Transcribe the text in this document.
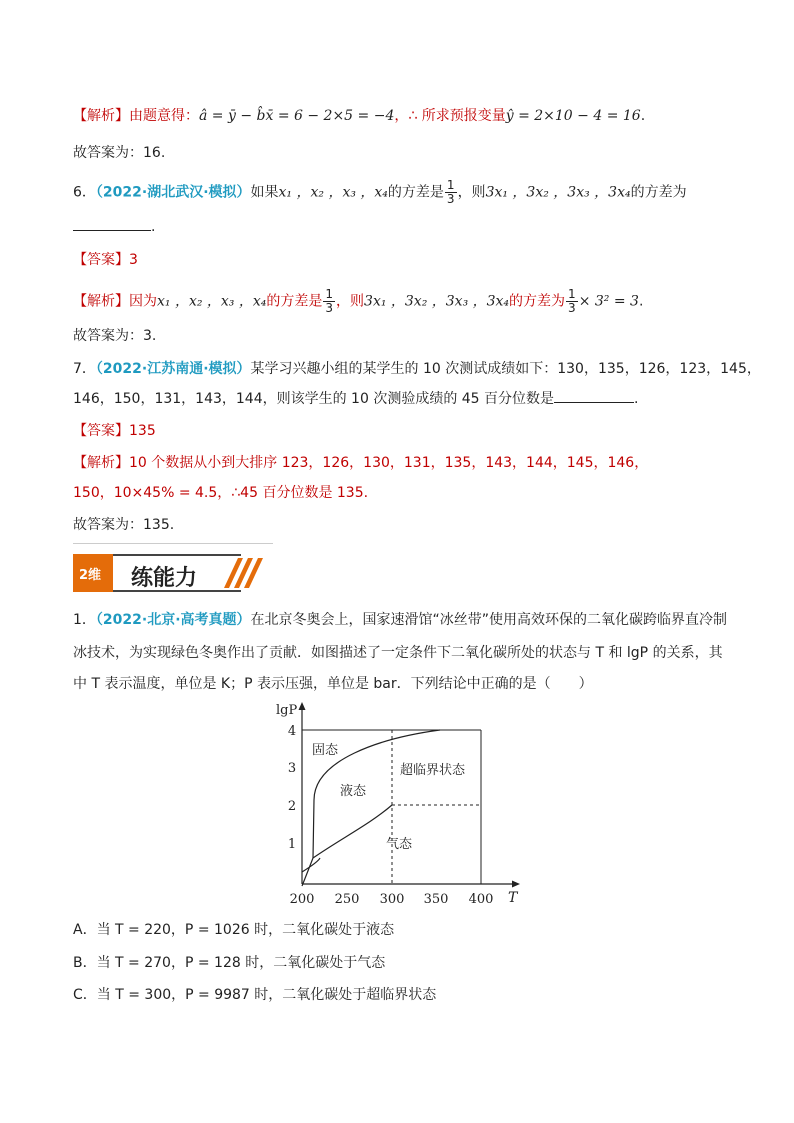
【解析】由题意得：â = ȳ − b̂x̄ = 6 − 2×5 = −4，∴ 所求预报变量ŷ = 2×10 − 4 = 16.
故答案为：16.
6．（2022·湖北武汉·模拟）如果x₁ ，x₂ ，x₃ ，x₄的方差是 $\frac{1}{3}$ ，则3x₁ ，3x₂ ，3x₃ ，3x₄的方差为
.
【答案】3
【解析】因为x₁ ，x₂ ，x₃ ，x₄的方差是 $\frac{1}{3}$ ，则3x₁ ，3x₂ ，3x₃ ，3x₄的方差为 $\frac{1}{3} \times 3^2 = 3$.
故答案为：3.
7．（2022·江苏南通·模拟）某学习兴趣小组的某学生的 10 次测试成绩如下：130，135，126，123，145，
146，150，131，143，144，则该学生的 10 次测验成绩的 45 百分位数是	.
【答案】135
【解析】10 个数据从小到大排序 123，126，130，131，135，143，144，145，146，
150，10×45% = 4.5，∴45 百分位数是 135.
故答案为：135.
2维 练能力
1．（2022·北京·高考真题）在北京冬奥会上，国家速滑馆“冰丝带”使用高效环保的二氧化碳跨临界直冷制
冰技术，为实现绿色冬奥作出了贡献．如图描述了一定条件下二氧化碳所处的状态与 T 和 lgP 的关系，其
中 T 表示温度，单位是 K；P 表示压强，单位是 bar．下列结论中正确的是（　　）
200 250 300 350 400
1
2
3
4
lgP
T
固态
液态
超临界状态
气态
A．当 T = 220，P = 1026 时，二氧化碳处于液态
B．当 T = 270，P = 128 时，二氧化碳处于气态
C．当 T = 300，P = 9987 时，二氧化碳处于超临界状态
